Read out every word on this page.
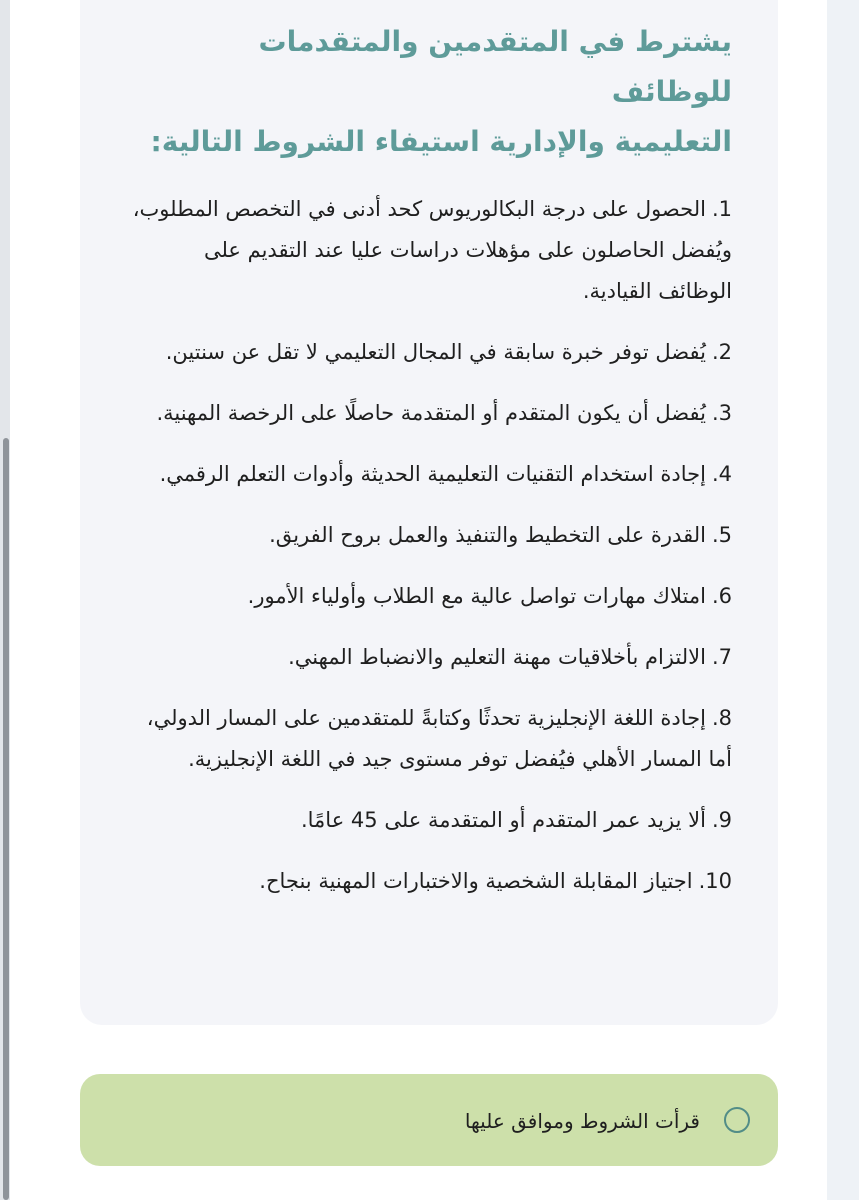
يشترط في المتقدمين والمتقدمات للوظائف
التعليمية والإدارية استيفاء الشروط التالية:
1.الحصول على درجة البكالوريوس كحد أدنى في التخصص المطلوب، ويُفضل الحاصلون على مؤهلات دراسات عليا عند التقديم على الوظائف القيادية.
2.يُفضل توفر خبرة سابقة في المجال التعليمي لا تقل عن سنتين.
3.يُفضل أن يكون المتقدم أو المتقدمة حاصلًا على الرخصة المهنية.
4.إجادة استخدام التقنيات التعليمية الحديثة وأدوات التعلم الرقمي.
5.القدرة على التخطيط والتنفيذ والعمل بروح الفريق.
6.امتلاك مهارات تواصل عالية مع الطلاب وأولياء الأمور.
7.الالتزام بأخلاقيات مهنة التعليم والانضباط المهني.
8.إجادة اللغة الإنجليزية تحدثًا وكتابةً للمتقدمين على المسار الدولي، أما المسار الأهلي فيُفضل توفر مستوى جيد في اللغة الإنجليزية.
9.ألا يزيد عمر المتقدم أو المتقدمة على 45 عامًا.
10.اجتياز المقابلة الشخصية والاختبارات المهنية بنجاح.
قرأت الشروط وموافق عليها
